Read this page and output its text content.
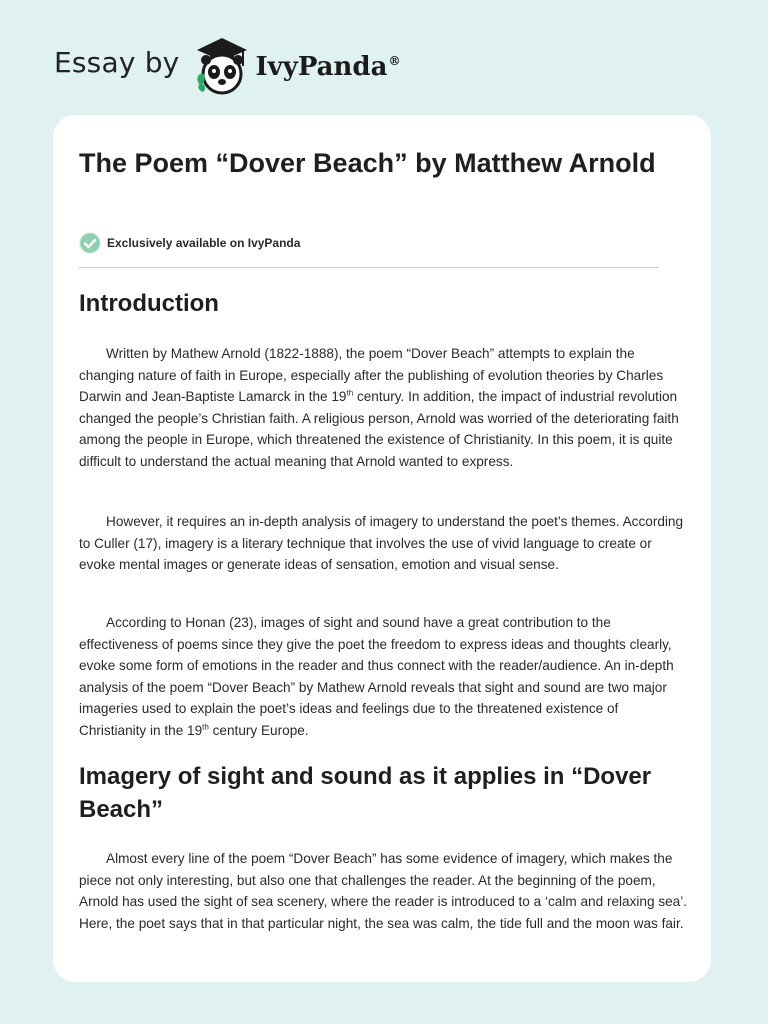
Essay by	IvyPanda®
The Poem “Dover Beach” by Matthew Arnold
Exclusively available on IvyPanda
Introduction

Written by Mathew Arnold (1822-1888), the poem “Dover Beach” attempts to explain the changing nature of faith in Europe, especially after the publishing of evolution theories by Charles Darwin and Jean-Baptiste Lamarck in the 19th century. In addition, the impact of industrial revolution changed the people’s Christian faith. A religious person, Arnold was worried of the deteriorating faith among the people in Europe, which threatened the existence of Christianity. In this poem, it is quite difficult to understand the actual meaning that Arnold wanted to express.

However, it requires an in-depth analysis of imagery to understand the poet’s themes. According to Culler (17), imagery is a literary technique that involves the use of vivid language to create or evoke mental images or generate ideas of sensation, emotion and visual sense.

According to Honan (23), images of sight and sound have a great contribution to the effectiveness of poems since they give the poet the freedom to express ideas and thoughts clearly, evoke some form of emotions in the reader and thus connect with the reader/audience. An in-depth analysis of the poem “Dover Beach” by Mathew Arnold reveals that sight and sound are two major imageries used to explain the poet’s ideas and feelings due to the threatened existence of Christianity in the 19th century Europe.

Imagery of sight and sound as it applies in “Dover Beach”

Almost every line of the poem “Dover Beach” has some evidence of imagery, which makes the piece not only interesting, but also one that challenges the reader. At the beginning of the poem, Arnold has used the sight of sea scenery, where the reader is introduced to a ‘calm and relaxing sea’. Here, the poet says that in that particular night, the sea was calm, the tide full and the moon was fair.
